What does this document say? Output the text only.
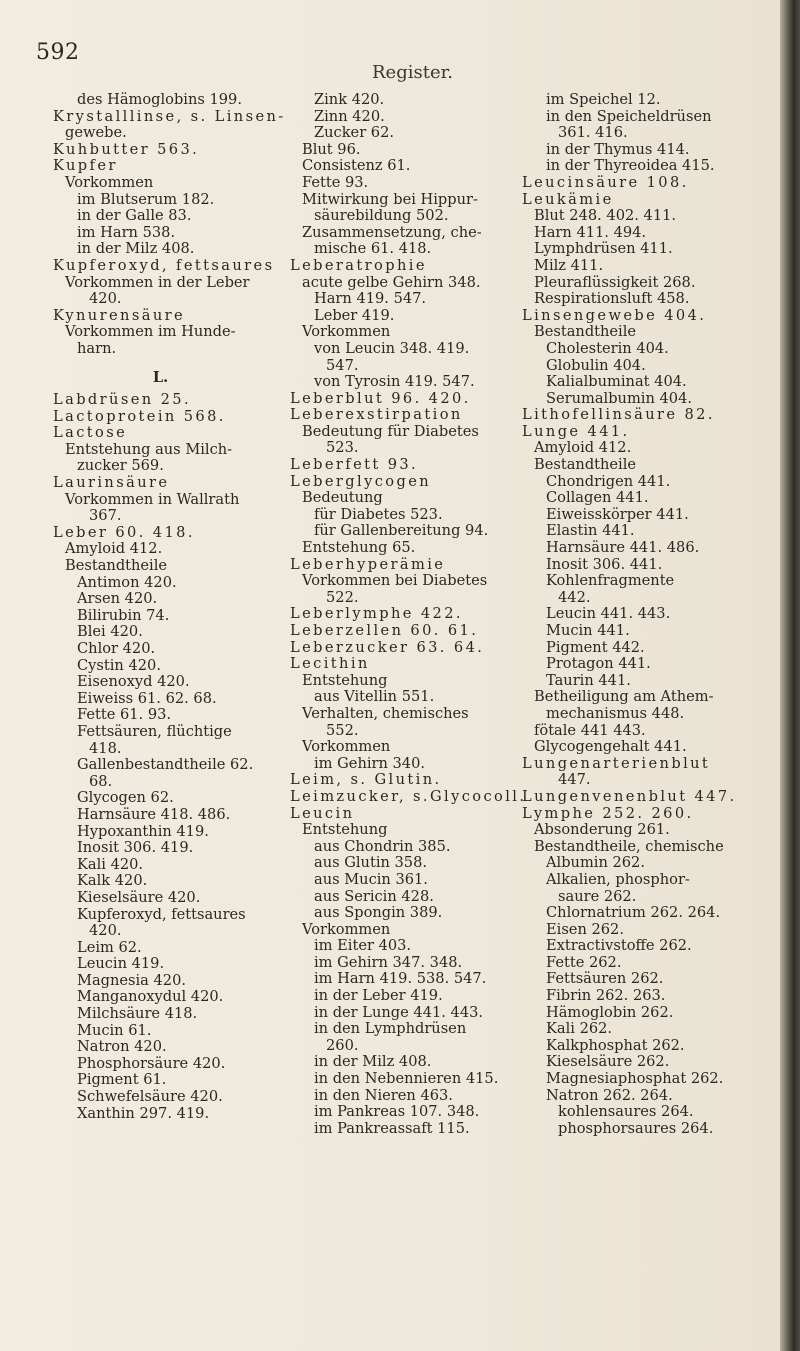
592
Register.
des Hämoglobins 199.
Krystalllinse, s. Linsen-
gewebe.
Kuhbutter 563.
Kupfer
Vorkommen
im Blutserum 182.
in der Galle 83.
im Harn 538.
in der Milz 408.
Kupferoxyd, fettsaures
Vorkommen in der Leber
420.
Kynurensäure
Vorkommen im Hunde-
harn.
L.
Labdrüsen 25.
Lactoprotein 568.
Lactose
Entstehung aus Milch-
zucker 569.
Laurinsäure
Vorkommen in Wallrath
367.
Leber 60. 418.
Amyloid 412.
Bestandtheile
Antimon 420.
Arsen 420.
Bilirubin 74.
Blei 420.
Chlor 420.
Cystin 420.
Eisenoxyd 420.
Eiweiss 61. 62. 68.
Fette 61. 93.
Fettsäuren, flüchtige
418.
Gallenbestandtheile 62.
68.
Glycogen 62.
Harnsäure 418. 486.
Hypoxanthin 419.
Inosit 306. 419.
Kali 420.
Kalk 420.
Kieselsäure 420.
Kupferoxyd, fettsaures
420.
Leim 62.
Leucin 419.
Magnesia 420.
Manganoxydul 420.
Milchsäure 418.
Mucin 61.
Natron 420.
Phosphorsäure 420.
Pigment 61.
Schwefelsäure 420.
Xanthin 297. 419.
Zink 420.
Zinn 420.
Zucker 62.
Blut 96.
Consistenz 61.
Fette 93.
Mitwirkung bei Hippur-
säurebildung 502.
Zusammensetzung, che-
mische 61. 418.
Leberatrophie
acute gelbe Gehirn 348.
Harn 419. 547.
Leber 419.
Vorkommen
von Leucin 348. 419.
547.
von Tyrosin 419. 547.
Leberblut 96. 420.
Leberexstirpation
Bedeutung für Diabetes
523.
Leberfett 93.
Leberglycogen
Bedeutung
für Diabetes 523.
für Gallenbereitung 94.
Entstehung 65.
Leberhyperämie
Vorkommen bei Diabetes
522.
Leberlymphe 422.
Leberzellen 60. 61.
Leberzucker 63. 64.
Lecithin
Entstehung
aus Vitellin 551.
Verhalten, chemisches
552.
Vorkommen
im Gehirn 340.
Leim, s. Glutin.
Leimzucker, s.Glycocoll.
Leucin
Entstehung
aus Chondrin 385.
aus Glutin 358.
aus Mucin 361.
aus Sericin 428.
aus Spongin 389.
Vorkommen
im Eiter 403.
im Gehirn 347. 348.
im Harn 419. 538. 547.
in der Leber 419.
in der Lunge 441. 443.
in den Lymphdrüsen
260.
in der Milz 408.
in den Nebennieren 415.
in den Nieren 463.
im Pankreas 107. 348.
im Pankreassaft 115.
im Speichel 12.
in den Speicheldrüsen
361. 416.
in der Thymus 414.
in der Thyreoidea 415.
Leucinsäure 108.
Leukämie
Blut 248. 402. 411.
Harn 411. 494.
Lymphdrüsen 411.
Milz 411.
Pleuraflüssigkeit 268.
Respirationsluft 458.
Linsengewebe 404.
Bestandtheile
Cholesterin 404.
Globulin 404.
Kalialbuminat 404.
Serumalbumin 404.
Lithofellinsäure 82.
Lunge 441.
Amyloid 412.
Bestandtheile
Chondrigen 441.
Collagen 441.
Eiweisskörper 441.
Elastin 441.
Harnsäure 441. 486.
Inosit 306. 441.
Kohlenfragmente
442.
Leucin 441. 443.
Mucin 441.
Pigment 442.
Protagon 441.
Taurin 441.
Betheiligung am Athem-
mechanismus 448.
fötale 441 443.
Glycogengehalt 441.
Lungenarterienblut
447.
Lungenvenenblut 447.
Lymphe 252. 260.
Absonderung 261.
Bestandtheile, chemische
Albumin 262.
Alkalien, phosphor-
saure 262.
Chlornatrium 262. 264.
Eisen 262.
Extractivstoffe 262.
Fette 262.
Fettsäuren 262.
Fibrin 262. 263.
Hämoglobin 262.
Kali 262.
Kalkphosphat 262.
Kieselsäure 262.
Magnesiaphosphat 262.
Natron 262. 264.
kohlensaures 264.
phosphorsaures 264.
